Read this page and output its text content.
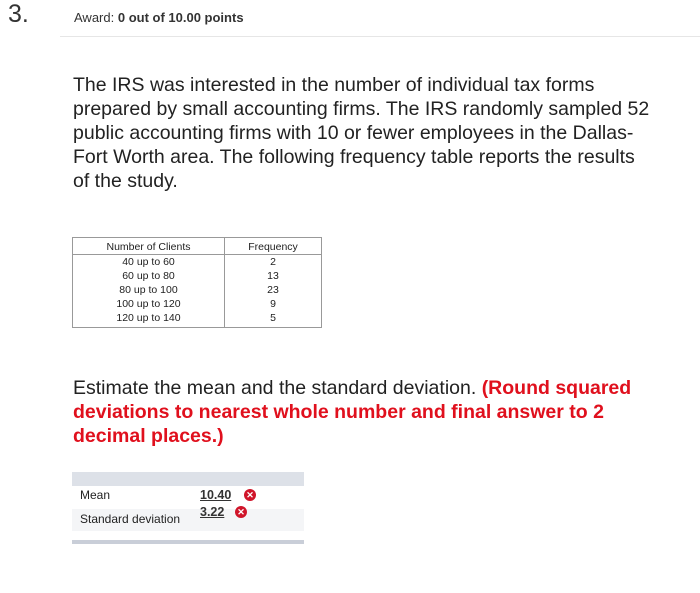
3.	Award: 0 out of 10.00 points
The IRS was interested in the number of individual tax forms prepared by small accounting firms. The IRS randomly sampled 52 public accounting firms with 10 or fewer employees in the Dallas-Fort Worth area. The following frequency table reports the results of the study.
Number of Clients	Frequency
40 up to 60	2
60 up to 80	13
80 up to 100	23
100 up to 120	9
120 up to 140	5
Estimate the mean and the standard deviation. (Round squared deviations to nearest whole number and final answer to 2 decimal places.)
Mean	10.40 ✕
Standard deviation 3.22 ✕
